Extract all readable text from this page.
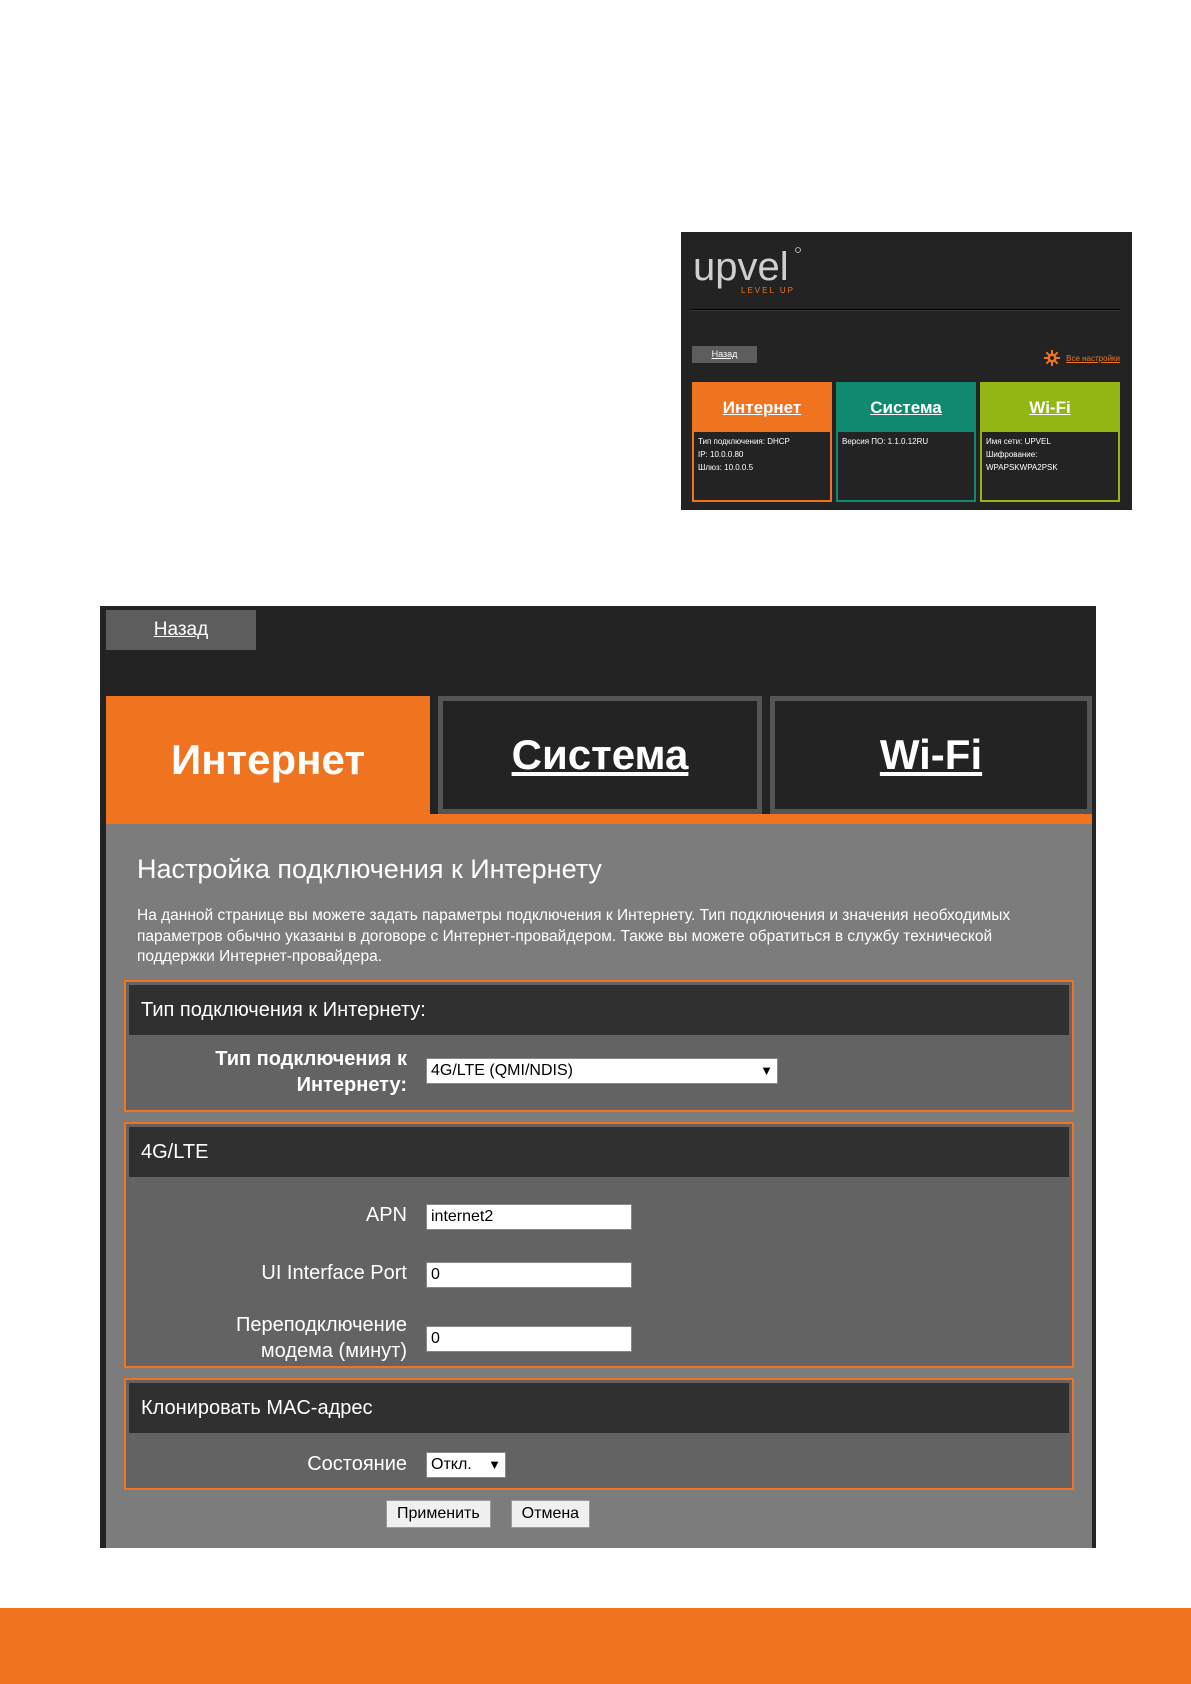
upvel
LEVEL UP
Назад	Все настройки
Интернет
Тип подключения: DHCP
IP: 10.0.0.80
Шлюз: 10.0.0.5
Система
Версия ПО: 1.1.0.12RU
Wi-Fi
Имя сети: UPVEL
Шифрование:
WPAPSKWPA2PSK
Назад
Интернет	Система	Wi-Fi
Настройка подключения к Интернету

На данной странице вы можете задать параметры подключения к Интернету. Тип подключения и значения необходимых параметров обычно указаны в договоре с Интернет-провайдером. Также вы можете обратиться в службу технической поддержки Интернет-провайдера.

Тип подключения к Интернету:
Тип подключения к
Интернету:
4G/LTE (QMI/NDIS)	▼
4G/LTE
APN	internet2
UI Interface Port	0
Переподключение
модема (минут)
0
Клонировать MAC-адрес
Состояние Откл. ▼
Применить	Отмена
